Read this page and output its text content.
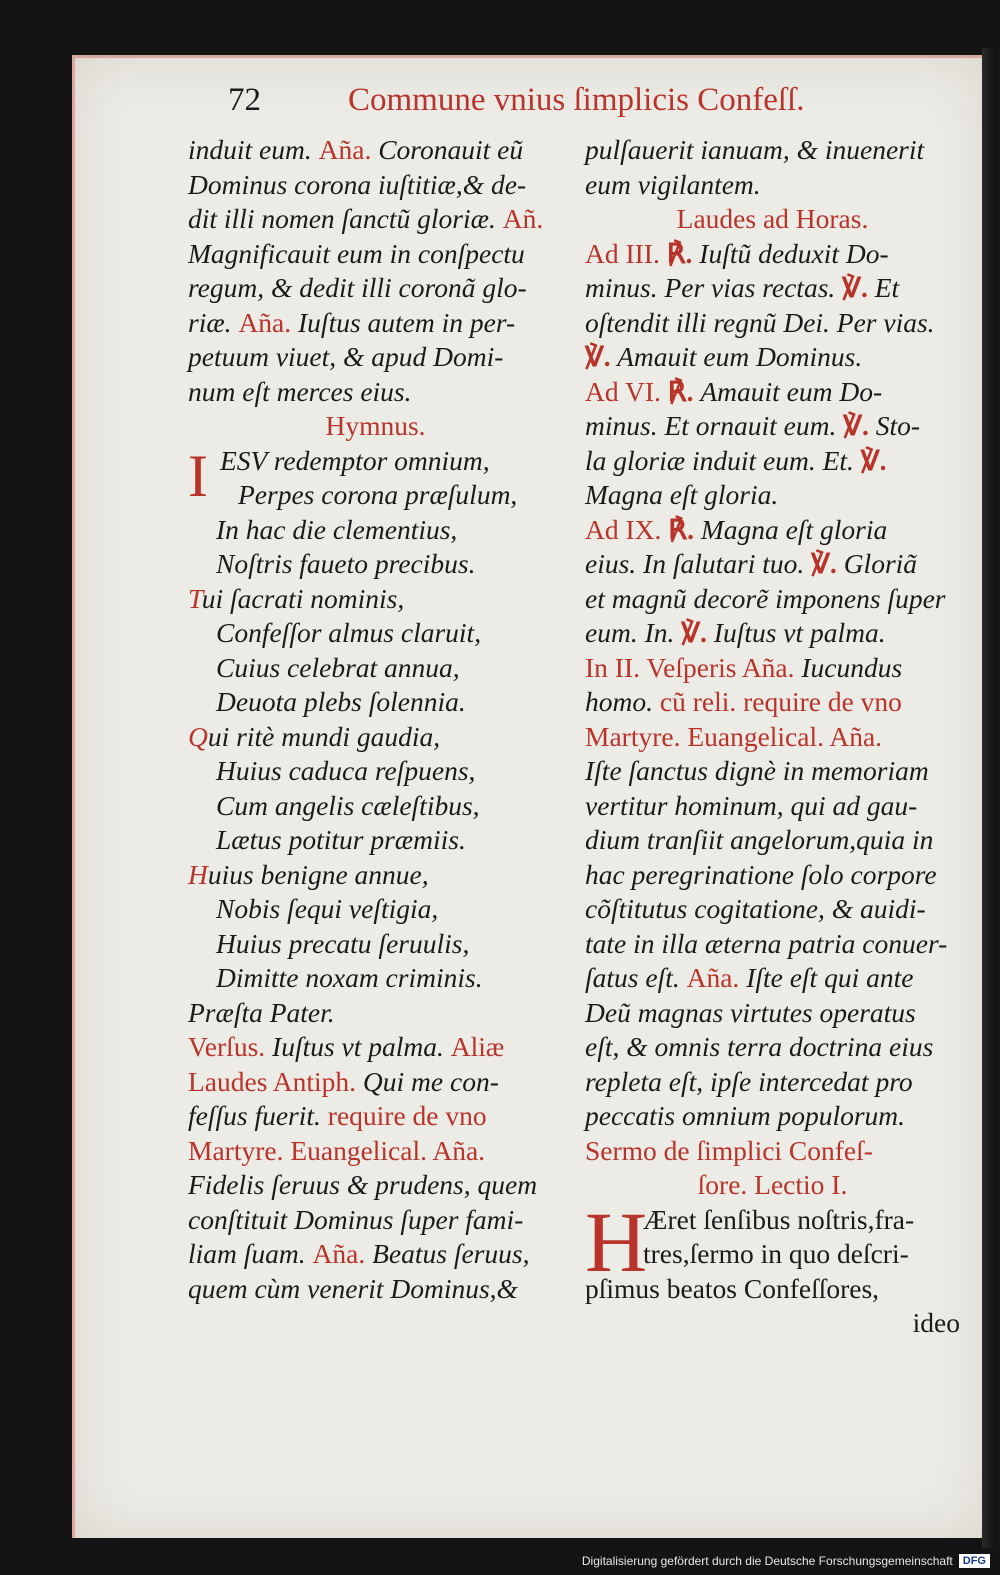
72	Commune vnius ſimplicis Confeſſ.
induit eum. Aña. Coronauit eũ
Dominus corona iuſtitiæ,& de-
dit illi nomen ſanctũ gloriæ. Añ.
Magnificauit eum in conſpectu
regum, & dedit illi coronã glo-
riæ. Aña. Iuſtus autem in per-
petuum viuet, & apud Domi-
num eſt merces eius.
Hymnus.
I ESV redemptor omnium,
Perpes corona præſulum,
In hac die clementius,
Noſtris faueto precibus.
Tui ſacrati nominis,
Confeſſor almus claruit,
Cuius celebrat annua,
Deuota plebs ſolennia.
Qui ritè mundi gaudia,
Huius caduca reſpuens,
Cum angelis cæleſtibus,
Lætus potitur præmiis.
Huius benigne annue,
Nobis ſequi veſtigia,
Huius precatu ſeruulis,
Dimitte noxam criminis.
Præſta Pater.
Verſus. Iuſtus vt palma. Aliæ
Laudes Antiph. Qui me con-
feſſus fuerit. require de vno
Martyre. Euangelical. Aña.
Fidelis ſeruus & prudens, quem
conſtituit Dominus ſuper fami-
liam ſuam. Aña. Beatus ſeruus,
quem cùm venerit Dominus,&
pulſauerit ianuam, & inuenerit
eum vigilantem.
Laudes ad Horas.
Ad III. ℟. Iuſtũ deduxit Do-
minus. Per vias rectas. ℣. Et
oſtendit illi regnũ Dei. Per vias.
℣. Amauit eum Dominus.
Ad VI. ℟. Amauit eum Do-
minus. Et ornauit eum. ℣. Sto-
la gloriæ induit eum. Et. ℣.
Magna eſt gloria.
Ad IX. ℟. Magna eſt gloria
eius. In ſalutari tuo. ℣. Gloriã
et magnũ decorẽ imponens ſuper
eum. In. ℣. Iuſtus vt palma.
In II. Veſperis Aña. Iucundus
homo. cũ reli. require de vno
Martyre. Euangelical. Aña.
Iſte ſanctus dignè in memoriam
vertitur hominum, qui ad gau-
dium tranſiit angelorum,quia in
hac peregrinatione ſolo corpore
cõſtitutus cogitatione, & auidi-
tate in illa æterna patria conuer-
ſatus eſt. Aña. Iſte eſt qui ante
Deũ magnas virtutes operatus
eſt, & omnis terra doctrina eius
repleta eſt, ipſe intercedat pro
peccatis omnium populorum.
Sermo de ſimplici Confeſ-
ſore. Lectio I.
H
Æret ſenſibus noſtris,fra-
tres,ſermo in quo deſcri-
pſimus beatos Confeſſores,
ideo
Digitalisierung gefördert durch die Deutsche Forschungsgemeinschaft DFG
